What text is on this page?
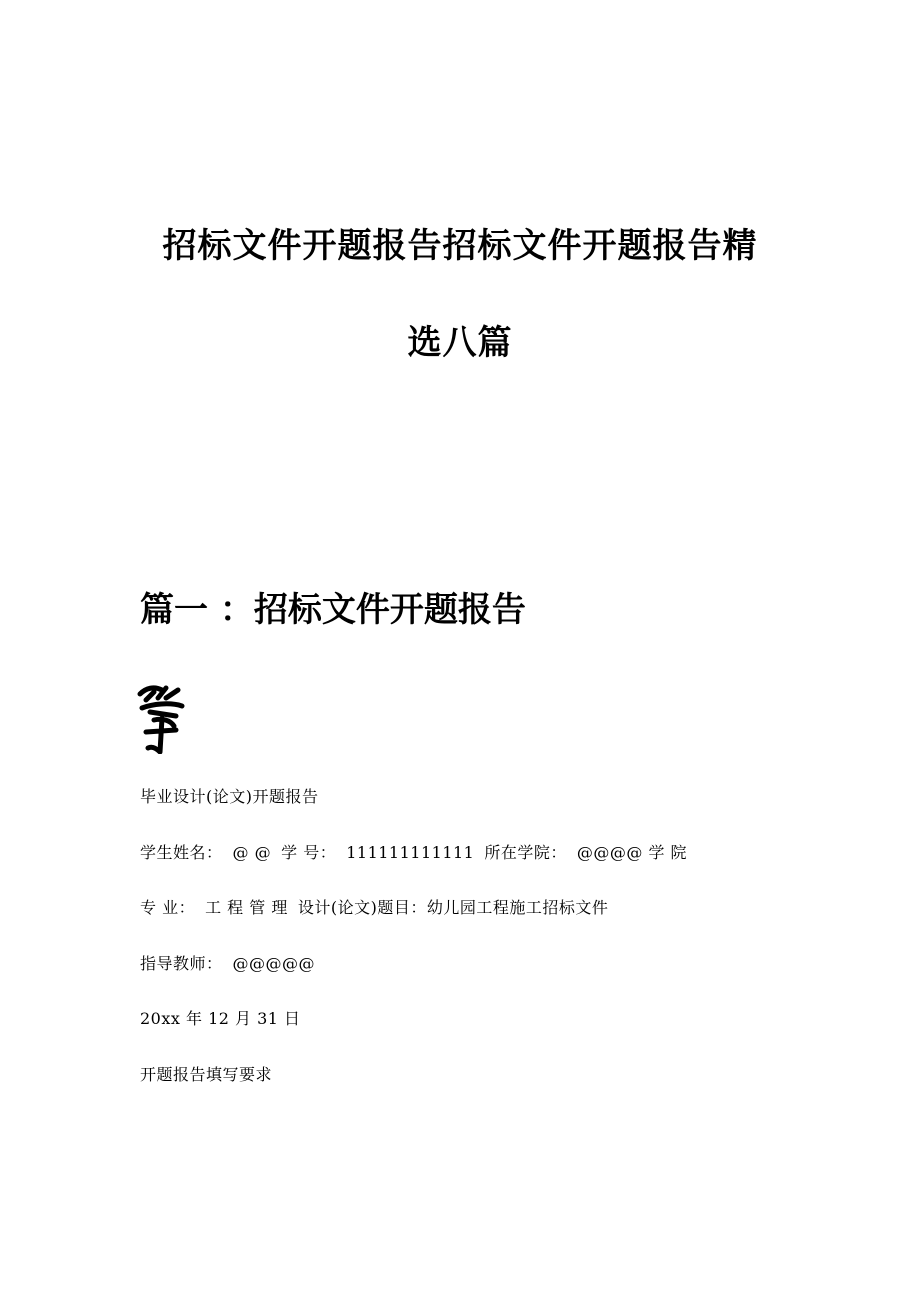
招标文件开题报告招标文件开题报告精
选八篇
篇一 ：招标文件开题报告
毕业设计(论文)开题报告
学生姓名： @ @ 学 号： 111111111111 所在学院： @@@@ 学 院
专 业： 工 程 管 理 设计(论文)题目：幼儿园工程施工招标文件
指导教师： @@@@@
20xx 年 12 月 31 日
开题报告填写要求
